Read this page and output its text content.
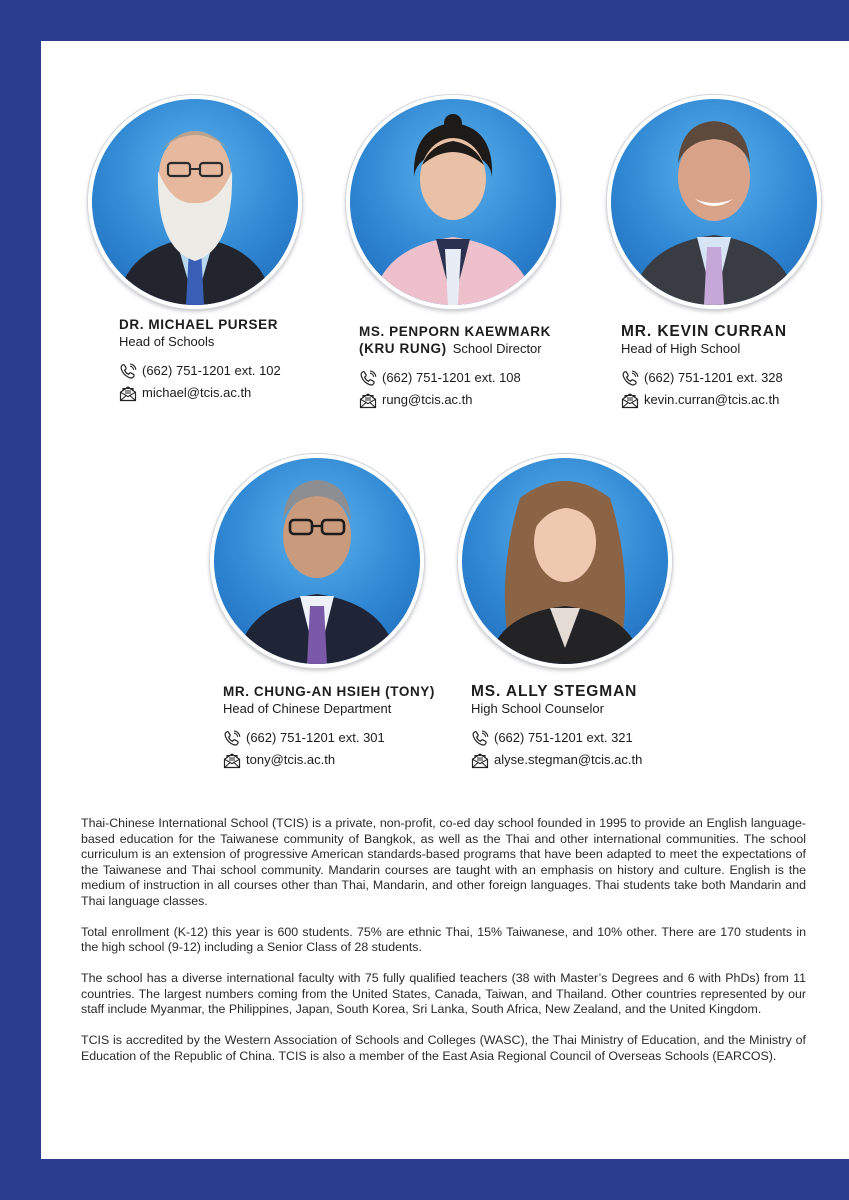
DR. MICHAEL PURSER
Head of Schools
(662) 751-1201 ext. 102
michael@tcis.ac.th
MS. PENPORN KAEWMARK
(KRU RUNG) School Director
(662) 751-1201 ext. 108
rung@tcis.ac.th
MR. KEVIN CURRAN
Head of High School
(662) 751-1201 ext. 328
kevin.curran@tcis.ac.th
MR. CHUNG-AN HSIEH (TONY)
Head of Chinese Department
(662) 751-1201 ext. 301
tony@tcis.ac.th
MS. ALLY STEGMAN
High School Counselor
(662) 751-1201 ext. 321
alyse.stegman@tcis.ac.th

Thai-Chinese International School (TCIS) is a private, non-profit, co-ed day school founded in 1995 to provide an English language-based education for the Taiwanese community of Bangkok, as well as the Thai and other international communities. The school curriculum is an extension of progressive American standards-based programs that have been adapted to meet the expectations of the Taiwanese and Thai school community. Mandarin courses are taught with an emphasis on history and culture. English is the medium of instruction in all courses other than Thai, Mandarin, and other foreign languages. Thai students take both Mandarin and Thai language classes.

Total enrollment (K-12) this year is 600 students. 75% are ethnic Thai, 15% Taiwanese, and 10% other. There are 170 students in the high school (9-12) including a Senior Class of 28 students.

The school has a diverse international faculty with 75 fully qualified teachers (38 with Master’s Degrees and 6 with PhDs) from 11 countries. The largest numbers coming from the United States, Canada, Taiwan, and Thailand. Other countries represented by our staff include Myanmar, the Philippines, Japan, South Korea, Sri Lanka, South Africa, New Zealand, and the United Kingdom.

TCIS is accredited by the Western Association of Schools and Colleges (WASC), the Thai Ministry of Education, and the Ministry of Education of the Republic of China. TCIS is also a member of the East Asia Regional Council of Overseas Schools (EARCOS).
